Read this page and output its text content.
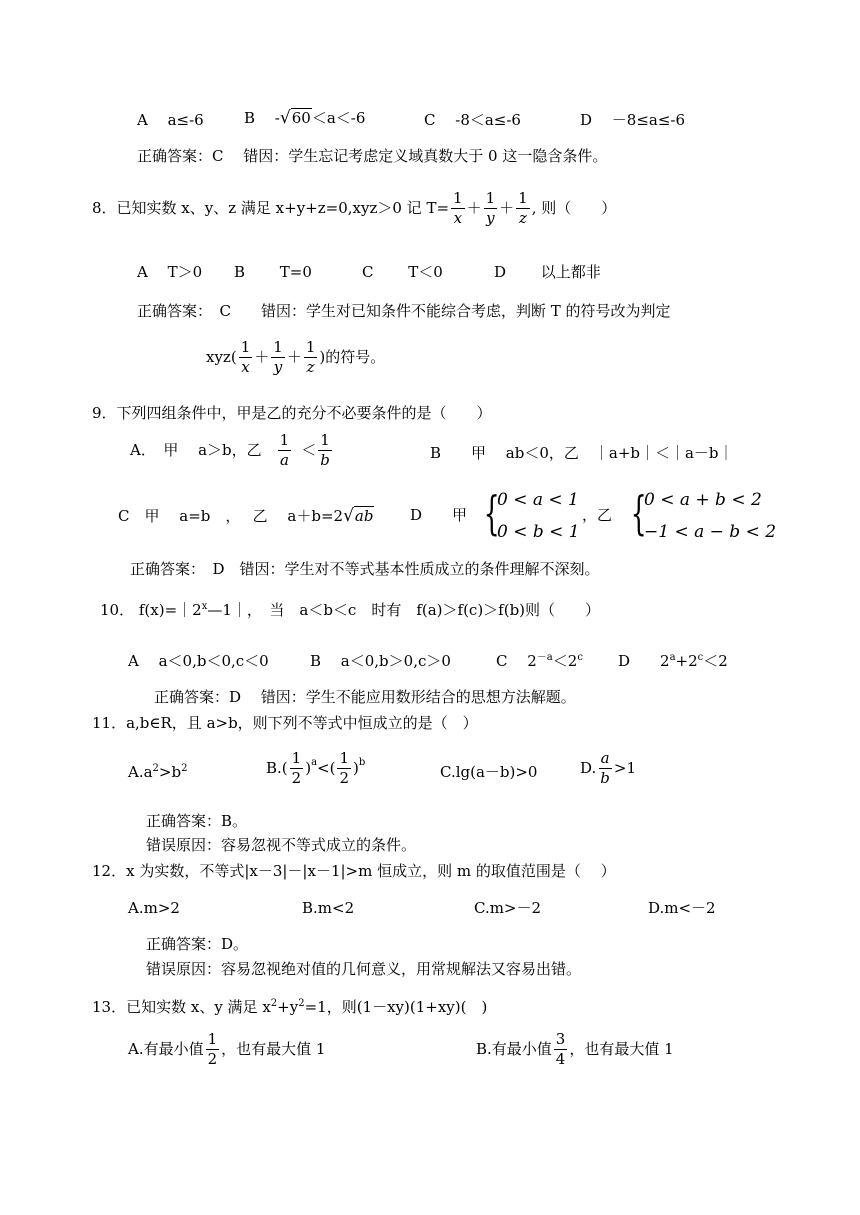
A　 a≤-6	B　 -√60＜a＜-6	C　 -8＜a≤-6	D　 －8≤a≤-6
正确答案：C　 错因：学生忘记考虑定义域真数大于 0 这一隐含条件。
8．已知实数 x、y、z 满足 x+y+z=0,xyz＞0 记 $T= \frac{1}{x}$ ＋
1
y
＋
1
z
, 则（　　）
A　 T＞0 B　　 T=0	C　　 T＜0	D　　 以上都非
正确答案：　C　　错因：学生对已知条件不能综合考虑，判断 T 的符号改为判定
xyz(
1
x
＋
1
y
＋
1
z
)的符号。
9．下列四组条件中，甲是乙的充分不必要条件的是（　　）
A．　甲　 a＞b，乙
1
a
＜
1
b	B　　甲　 ab＜0，乙　｜a+b｜＜｜a－b｜
C　甲　 a=b　，　 乙　 a＋b=2√ab D　　甲 {
0 < a < 1
0 < b < 1
，乙 {
0 < a + b < 2
−1 < a − b < 2
正确答案：　D　错因：学生对不等式基本性质成立的条件理解不深刻。
10． $f(x)=|2^x—1|$，　当　a＜b＜c　时有　f(a)＞f(c)＞f(b)则（　　）
A　 a＜0,b＜0,c＜0	B　 a＜0,b＞0,c＞0	C　 $2^{-a}<2^c$ D　　$2^a+2^c<2$
正确答案：D　 错因：学生不能应用数形结合的思想方法解题。
11．a,b∈R，且 a>b，则下列不等式中恒成立的是（　）
$A.a^2>b^2$	B.(
1
2
)$^a$ <(
1
2
)$^b$
C.lg(a－b)>0	D.
a
b
>1
正确答案：B。
错误原因：容易忽视不等式成立的条件。
12．x 为实数，不等式|x－3|－|x－1|>m 恒成立，则 m 的取值范围是（　 ）
A.m>2	B.m<2	C.m>－2	D.m<－2
正确答案：D。
错误原因：容易忽视绝对值的几何意义，用常规解法又容易出错。
13．已知实数 x、y 满足 $x^2+y^2=1$，则(1－xy)(1+xy)(　)
A.有最小值
1
2
，也有最大值 1	B.有最小值
3
4
，也有最大值 1
